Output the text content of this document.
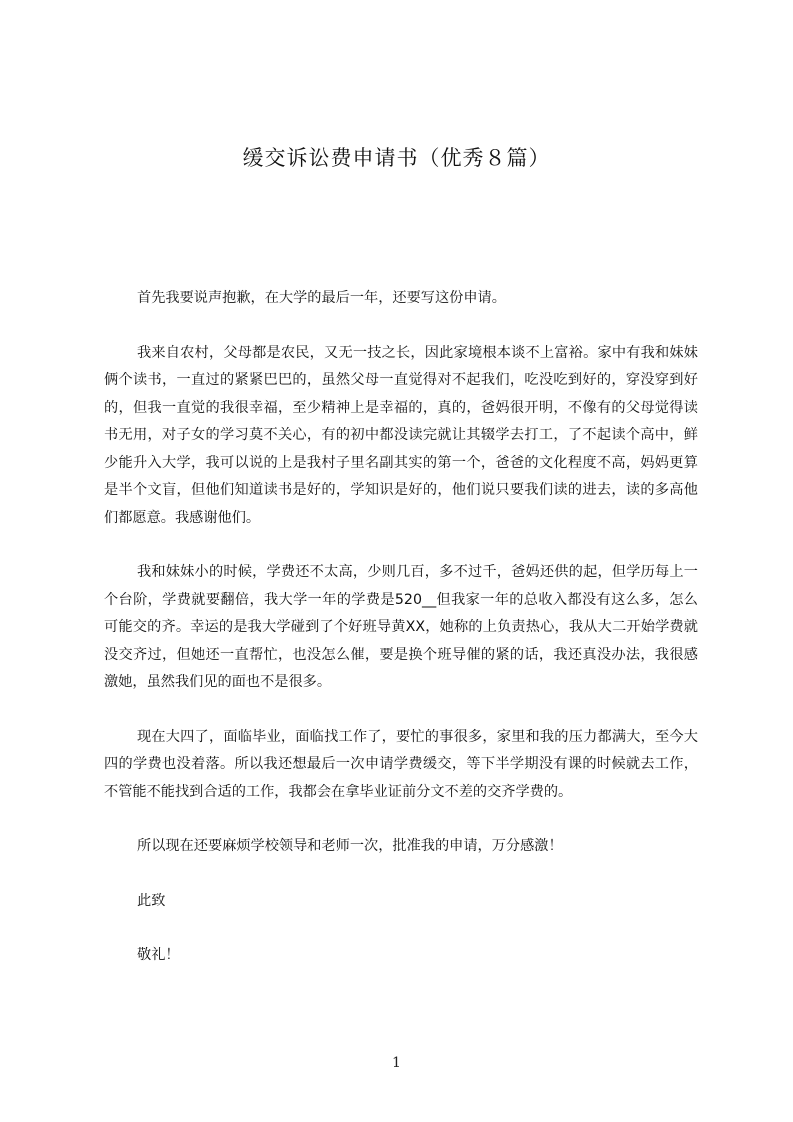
缓交诉讼费申请书（优秀８篇）

首先我要说声抱歉，在大学的最后一年，还要写这份申请。

我来自农村，父母都是农民，又无一技之长，因此家境根本谈不上富裕。家中有我和妹妹俩个读书，一直过的紧紧巴巴的，虽然父母一直觉得对不起我们，吃没吃到好的，穿没穿到好的，但我一直觉的我很幸福，至少精神上是幸福的，真的，爸妈很开明，不像有的父母觉得读书无用，对子女的学习莫不关心，有的初中都没读完就让其辍学去打工，了不起读个高中，鲜少能升入大学，我可以说的上是我村子里名副其实的第一个，爸爸的文化程度不高，妈妈更算是半个文盲，但他们知道读书是好的，学知识是好的，他们说只要我们读的进去，读的多高他们都愿意。我感谢他们。

我和妹妹小的时候，学费还不太高，少则几百，多不过千，爸妈还供的起，但学历每上一个台阶，学费就要翻倍，我大学一年的学费是520__但我家一年的总收入都没有这么多，怎么可能交的齐。幸运的是我大学碰到了个好班导黄XX，她称的上负责热心，我从大二开始学费就没交齐过，但她还一直帮忙，也没怎么催，要是换个班导催的紧的话，我还真没办法，我很感激她，虽然我们见的面也不是很多。

现在大四了，面临毕业，面临找工作了，要忙的事很多，家里和我的压力都满大，至今大四的学费也没着落。所以我还想最后一次申请学费缓交，等下半学期没有课的时候就去工作，不管能不能找到合适的工作，我都会在拿毕业证前分文不差的交齐学费的。

所以现在还要麻烦学校领导和老师一次，批准我的申请，万分感激！

此致

敬礼！

1
